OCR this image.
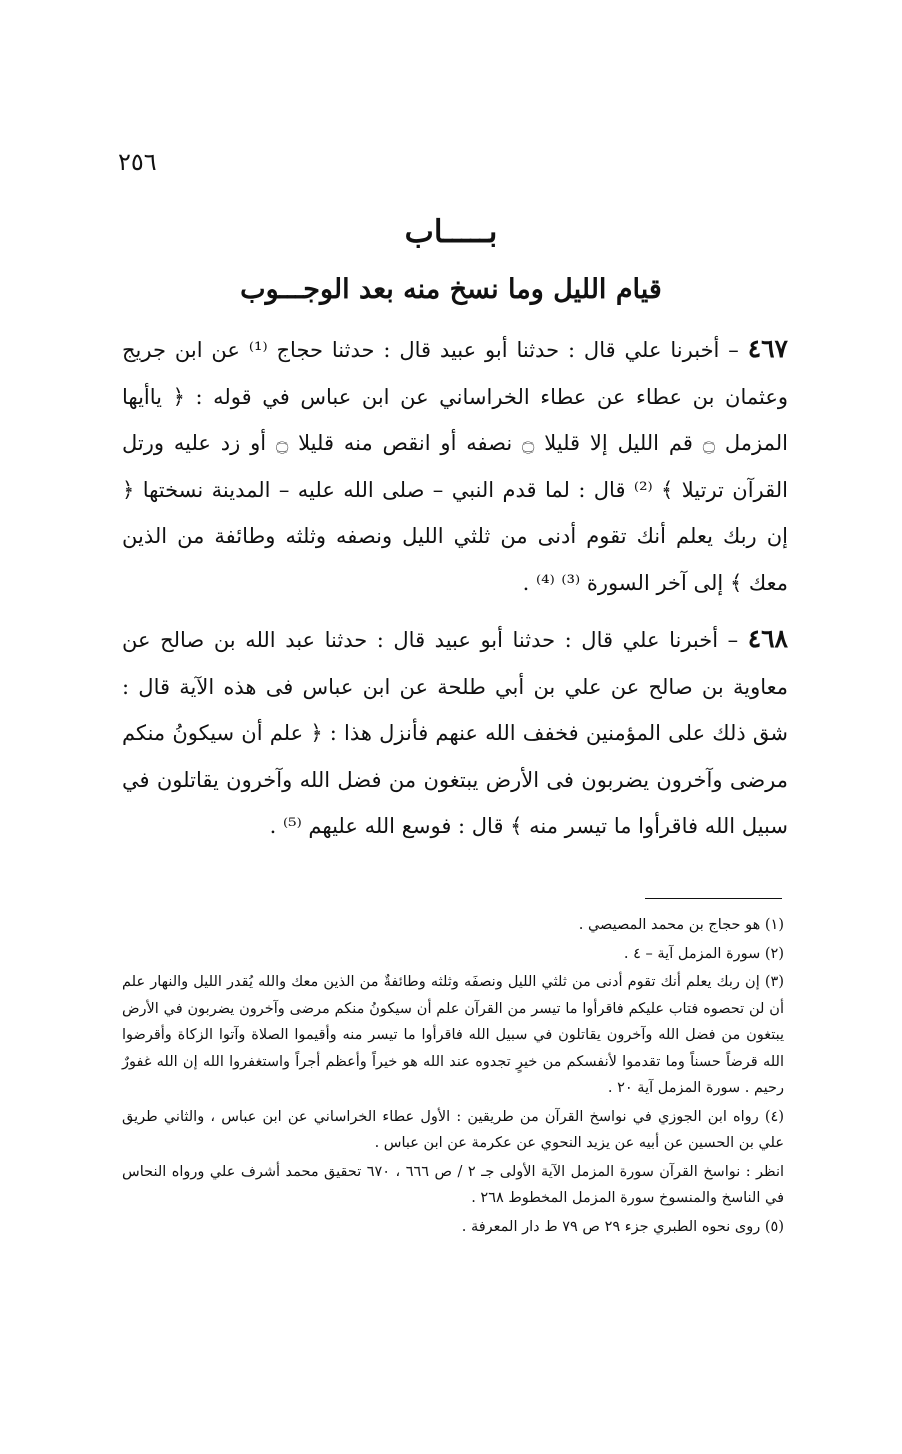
٢٥٦
بـــــاب
قيام الليل وما نسخ منه بعد الوجـــوب

٤٦٧ – أخبرنا علي قال : حدثنا أبو عبيد قال : حدثنا حجاج ⁽¹⁾ عن ابن جريج وعثمان بن عطاء عن عطاء الخراساني عن ابن عباس في قوله : ﴿ ياأيها المزمل ۝ قم الليل إلا قليلا ۝ نصفه أو انقص منه قليلا ۝ أو زد عليه ورتل القرآن ترتيلا ﴾ ⁽²⁾ قال : لما قدم النبي – صلى الله عليه – المدينة نسختها ﴿ إن ربك يعلم أنك تقوم أدنى من ثلثي الليل ونصفه وثلثه وطائفة من الذين معك ﴾ إلى آخر السورة ⁽³⁾ ⁽⁴⁾ .

٤٦٨ – أخبرنا علي قال : حدثنا أبو عبيد قال : حدثنا عبد الله بن صالح عن معاوية بن صالح عن علي بن أبي طلحة عن ابن عباس فى هذه الآية قال : شق ذلك على المؤمنين فخفف الله عنهم فأنزل هذا : ﴿ علم أن سيكونُ منكم مرضى وآخرون يضربون فى الأرض يبتغون من فضل الله وآخرون يقاتلون في سبيل الله فاقرأوا ما تيسر منه ﴾ قال : فوسع الله عليهم ⁽⁵⁾ .

(١) هو حجاج بن محمد المصيصي .

(٢) سورة المزمل آية – ٤ .

(٣) إن ربك يعلم أنك تقوم أدنى من ثلثي الليل ونصفَه وثلثه وطائفةٌ من الذين معك والله يُقدر الليل والنهار علم أن لن تحصوه فتاب عليكم فاقرأوا ما تيسر من القرآن علم أن سيكونُ منكم مرضى وآخرون يضربون في الأرض يبتغون من فضل الله وآخرون يقاتلون في سبيل الله فاقرأوا ما تيسر منه وأقيموا الصلاة وآتوا الزكاة وأقرضوا الله قرضاً حسناً وما تقدموا لأنفسكم من خيرٍ تجدوه عند الله هو خيراً وأعظم أجراً واستغفروا الله إن الله غفورٌ رحيم . سورة المزمل آية ٢٠ .

(٤) رواه ابن الجوزي في نواسخ القرآن من طريقين : الأول عطاء الخراساني عن ابن عباس ، والثاني طريق علي بن الحسين عن أبيه عن يزيد النحوي عن عكرمة عن ابن عباس .

انظر : نواسخ القرآن سورة المزمل الآية الأولى جـ ٢ / ص ٦٦٦ ، ٦٧٠ تحقيق محمد أشرف علي ورواه النحاس في الناسخ والمنسوخ سورة المزمل المخطوط ٢٦٨ .

(٥) روى نحوه الطبري جزء ٢٩ ص ٧٩ ط دار المعرفة .
